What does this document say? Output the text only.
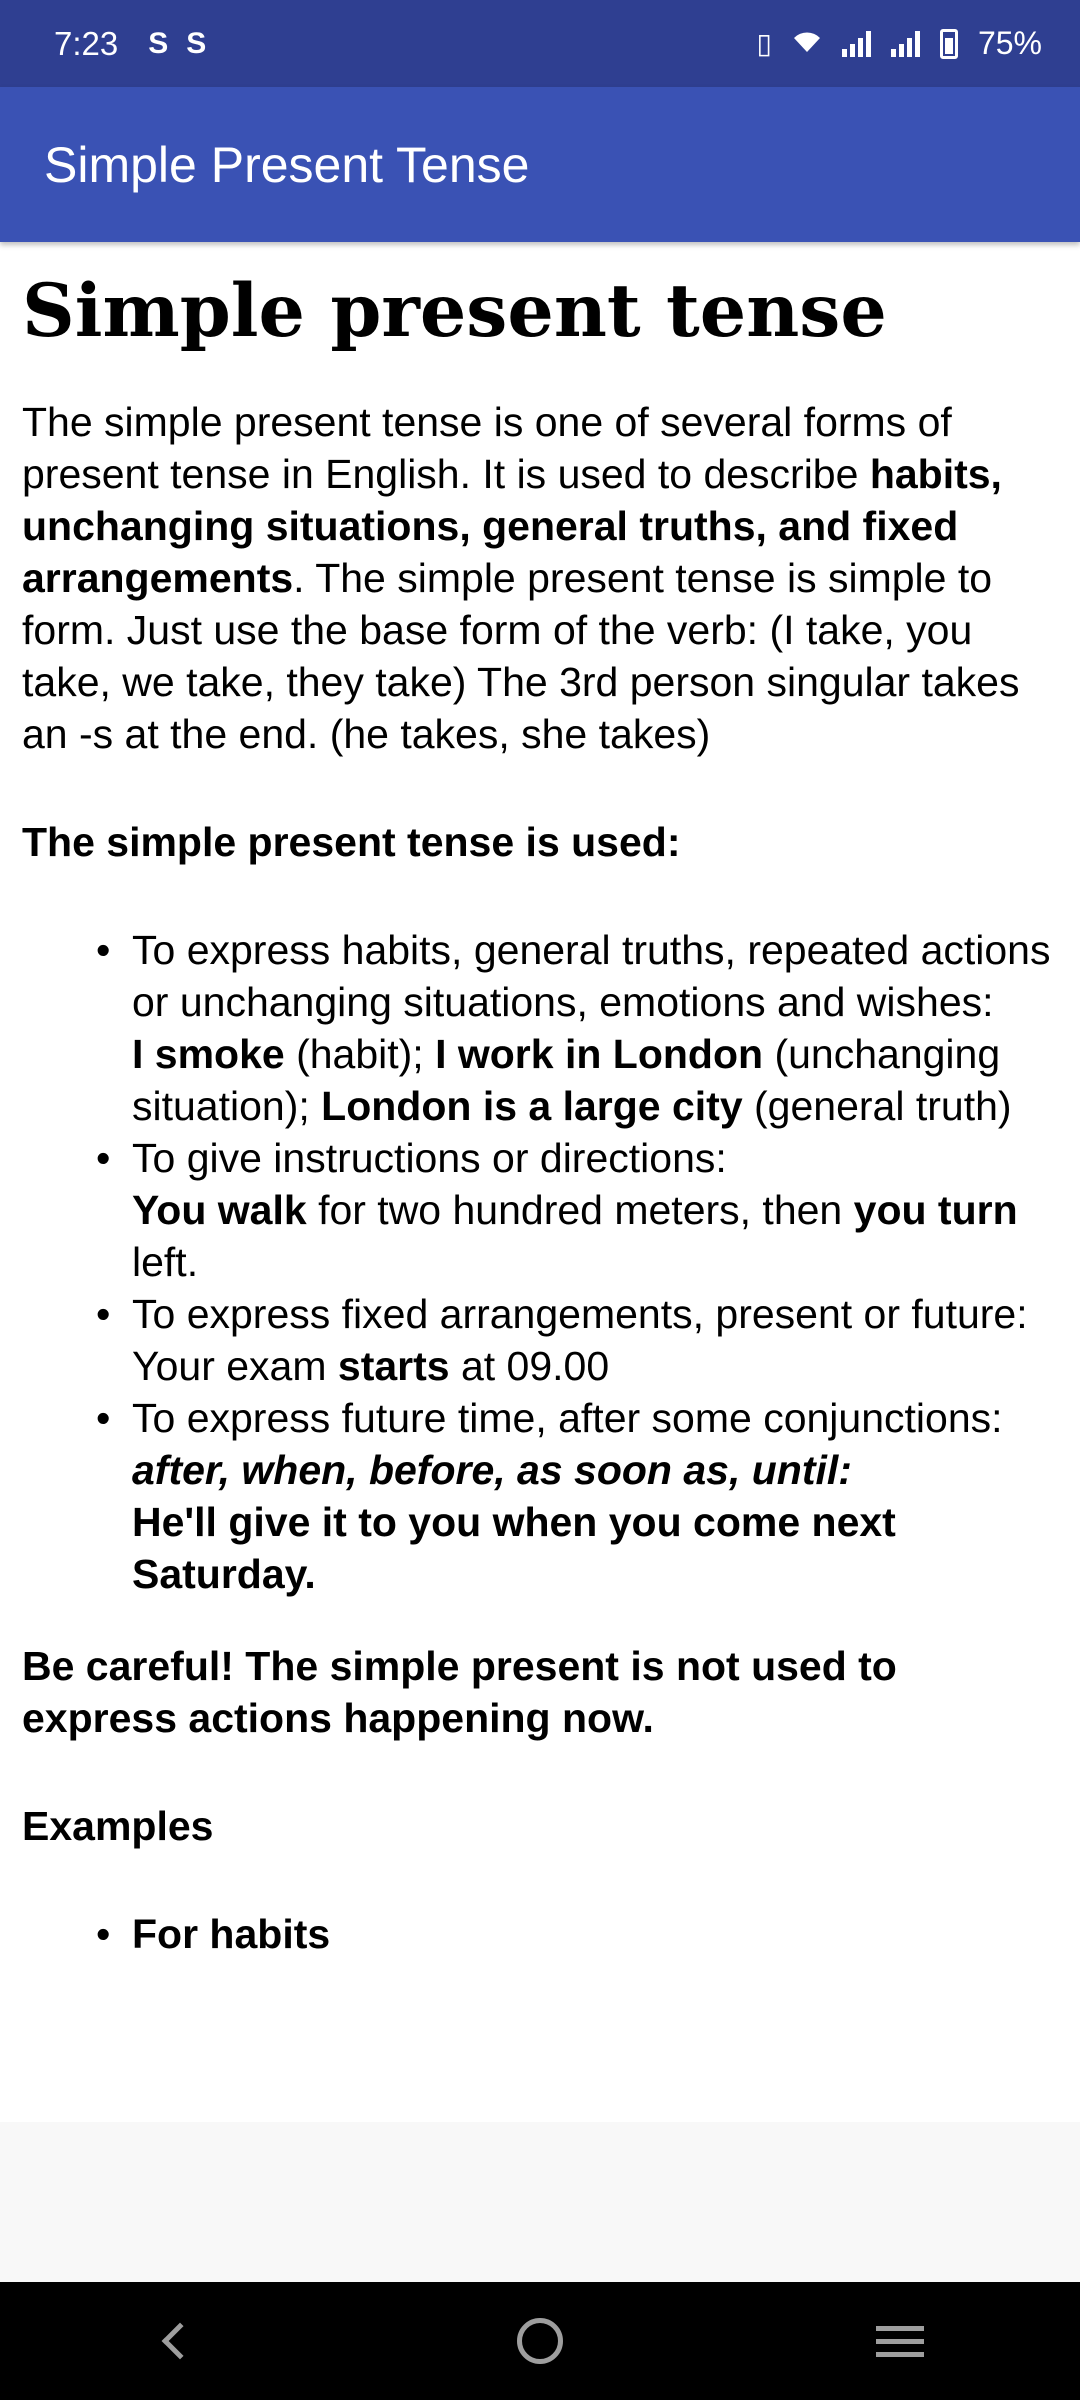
7:23 S S	▯	75%
Simple Present Tense
Simple present tense

The simple present tense is one of several forms of present tense in English. It is used to describe habits, unchanging situations, general truths, and fixed arrangements. The simple present tense is simple to form. Just use the base form of the verb: (I take, you take, we take, they take) The 3rd person singular takes an -s at the end. (he takes, she takes)

The simple present tense is used:

• To express habits, general truths, repeated actions or unchanging situations, emotions and wishes:
I smoke (habit); I work in London (unchanging situation); London is a large city (general truth)
• To give instructions or directions:
You walk for two hundred meters, then you turn left.
• To express fixed arrangements, present or future:
Your exam starts at 09.00
• To express future time, after some conjunctions: after, when, before, as soon as, until:
He'll give it to you when you come next Saturday.

Be careful! The simple present is not used to express actions happening now.

Examples

• For habits
